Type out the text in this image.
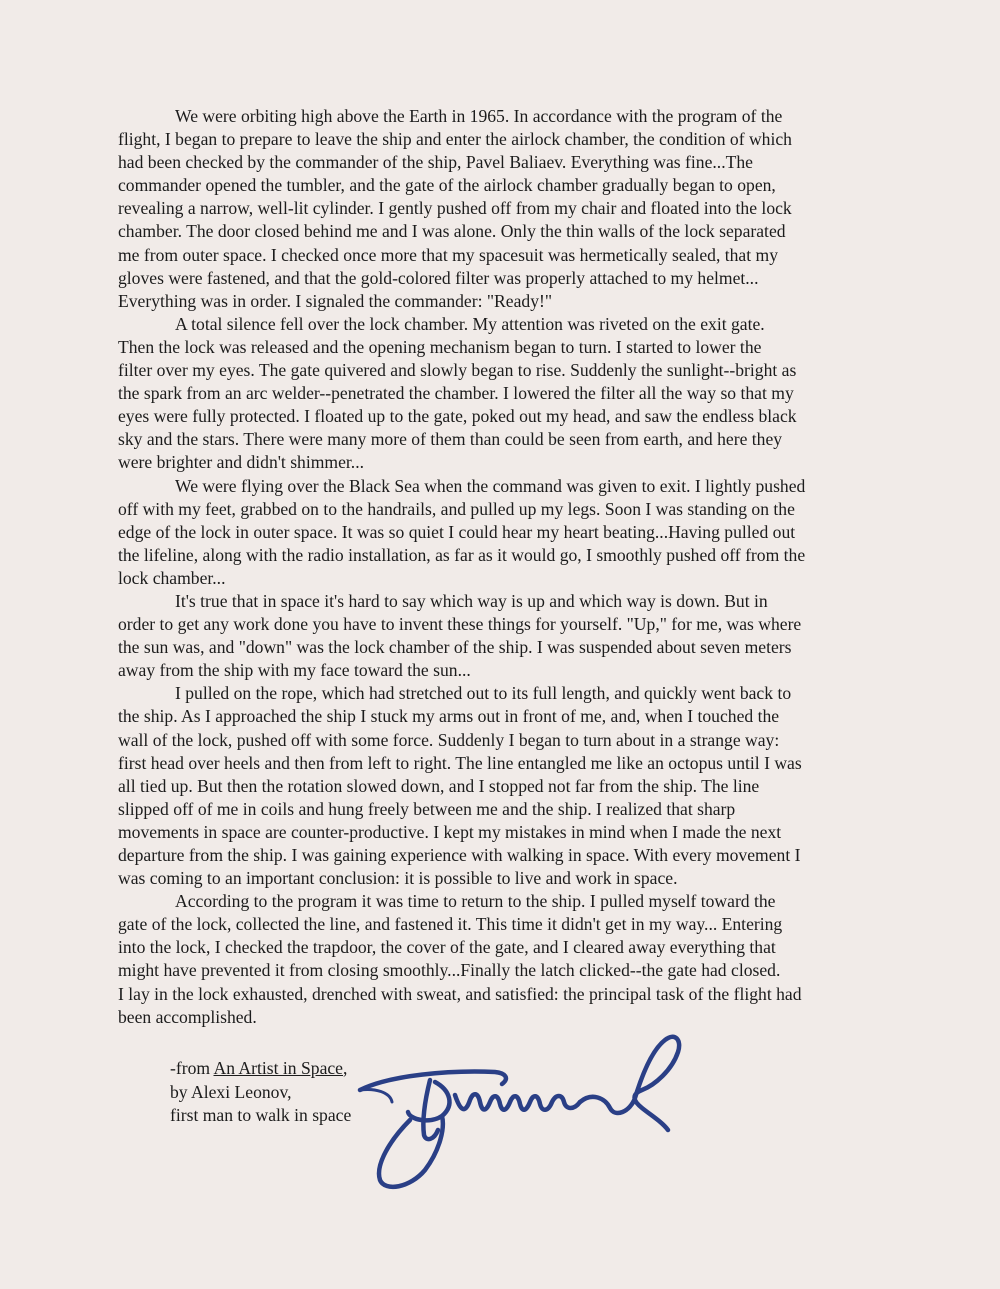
We were orbiting high above the Earth in 1965. In accordance with the program of the
flight, I began to prepare to leave the ship and enter the airlock chamber, the condition of which
had been checked by the commander of the ship, Pavel Baliaev. Everything was fine...The
commander opened the tumbler, and the gate of the airlock chamber gradually began to open,
revealing a narrow, well-lit cylinder. I gently pushed off from my chair and floated into the lock
chamber. The door closed behind me and I was alone. Only the thin walls of the lock separated
me from outer space. I checked once more that my spacesuit was hermetically sealed, that my
gloves were fastened, and that the gold-colored filter was properly attached to my helmet...
Everything was in order. I signaled the commander: "Ready!"

A total silence fell over the lock chamber. My attention was riveted on the exit gate.
Then the lock was released and the opening mechanism began to turn. I started to lower the
filter over my eyes. The gate quivered and slowly began to rise. Suddenly the sunlight--bright as
the spark from an arc welder--penetrated the chamber. I lowered the filter all the way so that my
eyes were fully protected. I floated up to the gate, poked out my head, and saw the endless black
sky and the stars. There were many more of them than could be seen from earth, and here they
were brighter and didn't shimmer...

We were flying over the Black Sea when the command was given to exit. I lightly pushed
off with my feet, grabbed on to the handrails, and pulled up my legs. Soon I was standing on the
edge of the lock in outer space. It was so quiet I could hear my heart beating...Having pulled out
the lifeline, along with the radio installation, as far as it would go, I smoothly pushed off from the
lock chamber...

It's true that in space it's hard to say which way is up and which way is down. But in
order to get any work done you have to invent these things for yourself. "Up," for me, was where
the sun was, and "down" was the lock chamber of the ship. I was suspended about seven meters
away from the ship with my face toward the sun...

I pulled on the rope, which had stretched out to its full length, and quickly went back to
the ship. As I approached the ship I stuck my arms out in front of me, and, when I touched the
wall of the lock, pushed off with some force. Suddenly I began to turn about in a strange way:
first head over heels and then from left to right. The line entangled me like an octopus until I was
all tied up. But then the rotation slowed down, and I stopped not far from the ship. The line
slipped off of me in coils and hung freely between me and the ship. I realized that sharp
movements in space are counter-productive. I kept my mistakes in mind when I made the next
departure from the ship. I was gaining experience with walking in space. With every movement I
was coming to an important conclusion: it is possible to live and work in space.

According to the program it was time to return to the ship. I pulled myself toward the
gate of the lock, collected the line, and fastened it. This time it didn't get in my way... Entering
into the lock, I checked the trapdoor, the cover of the gate, and I cleared away everything that
might have prevented it from closing smoothly...Finally the latch clicked--the gate had closed.
I lay in the lock exhausted, drenched with sweat, and satisfied: the principal task of the flight had
been accomplished.

-from An Artist in Space,
by Alexi Leonov,
first man to walk in space
